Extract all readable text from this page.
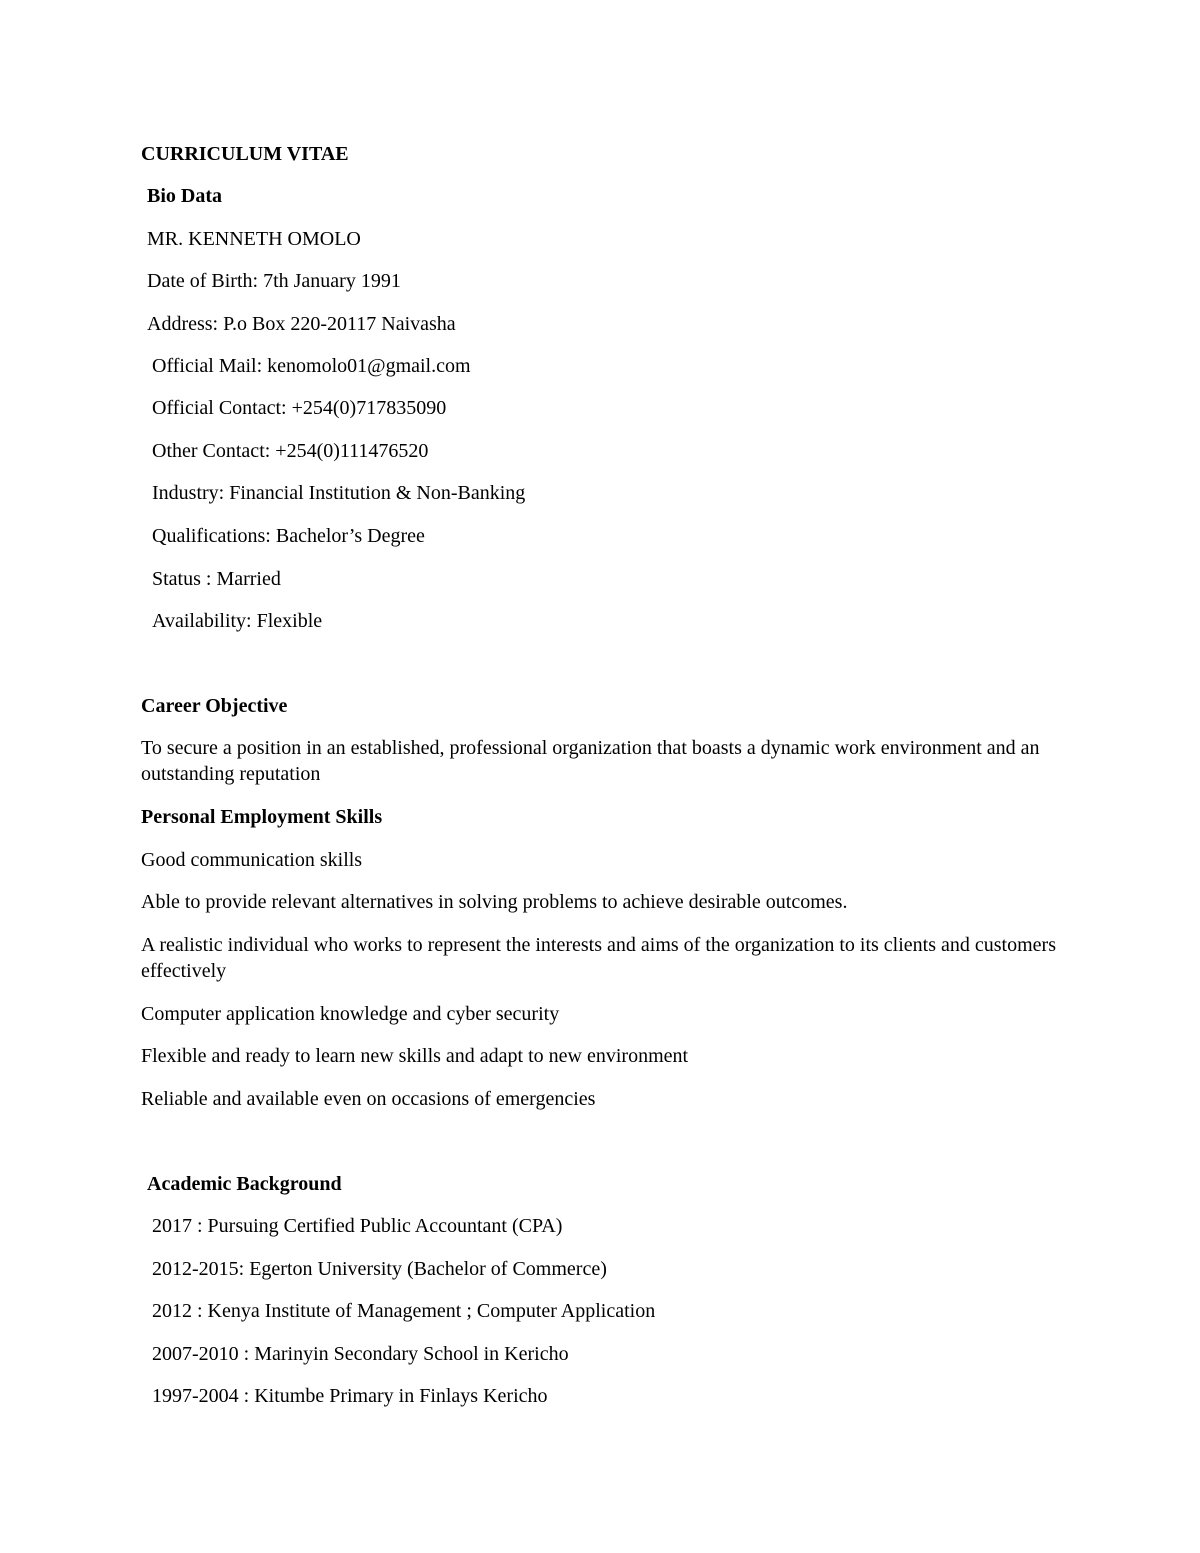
CURRICULUM VITAE

Bio Data

MR. KENNETH OMOLO

Date of Birth: 7th January 1991

Address: P.o Box 220-20117 Naivasha

Official Mail: kenomolo01@gmail.com

Official Contact: +254(0)717835090

Other Contact: +254(0)111476520

Industry: Financial Institution & Non-Banking

Qualifications: Bachelor’s Degree

Status : Married

Availability: Flexible

Career Objective

To secure a position in an established, professional organization that boasts a dynamic work environment and an outstanding reputation

Personal Employment Skills

Good communication skills

Able to provide relevant alternatives in solving problems to achieve desirable outcomes.

A realistic individual who works to represent the interests and aims of the organization to its clients and customers effectively

Computer application knowledge and cyber security

Flexible and ready to learn new skills and adapt to new environment

Reliable and available even on occasions of emergencies

Academic Background

2017 : Pursuing Certified Public Accountant (CPA)

2012-2015: Egerton University (Bachelor of Commerce)

2012 : Kenya Institute of Management ; Computer Application

2007-2010 : Marinyin Secondary School in Kericho

1997-2004 : Kitumbe Primary in Finlays Kericho
